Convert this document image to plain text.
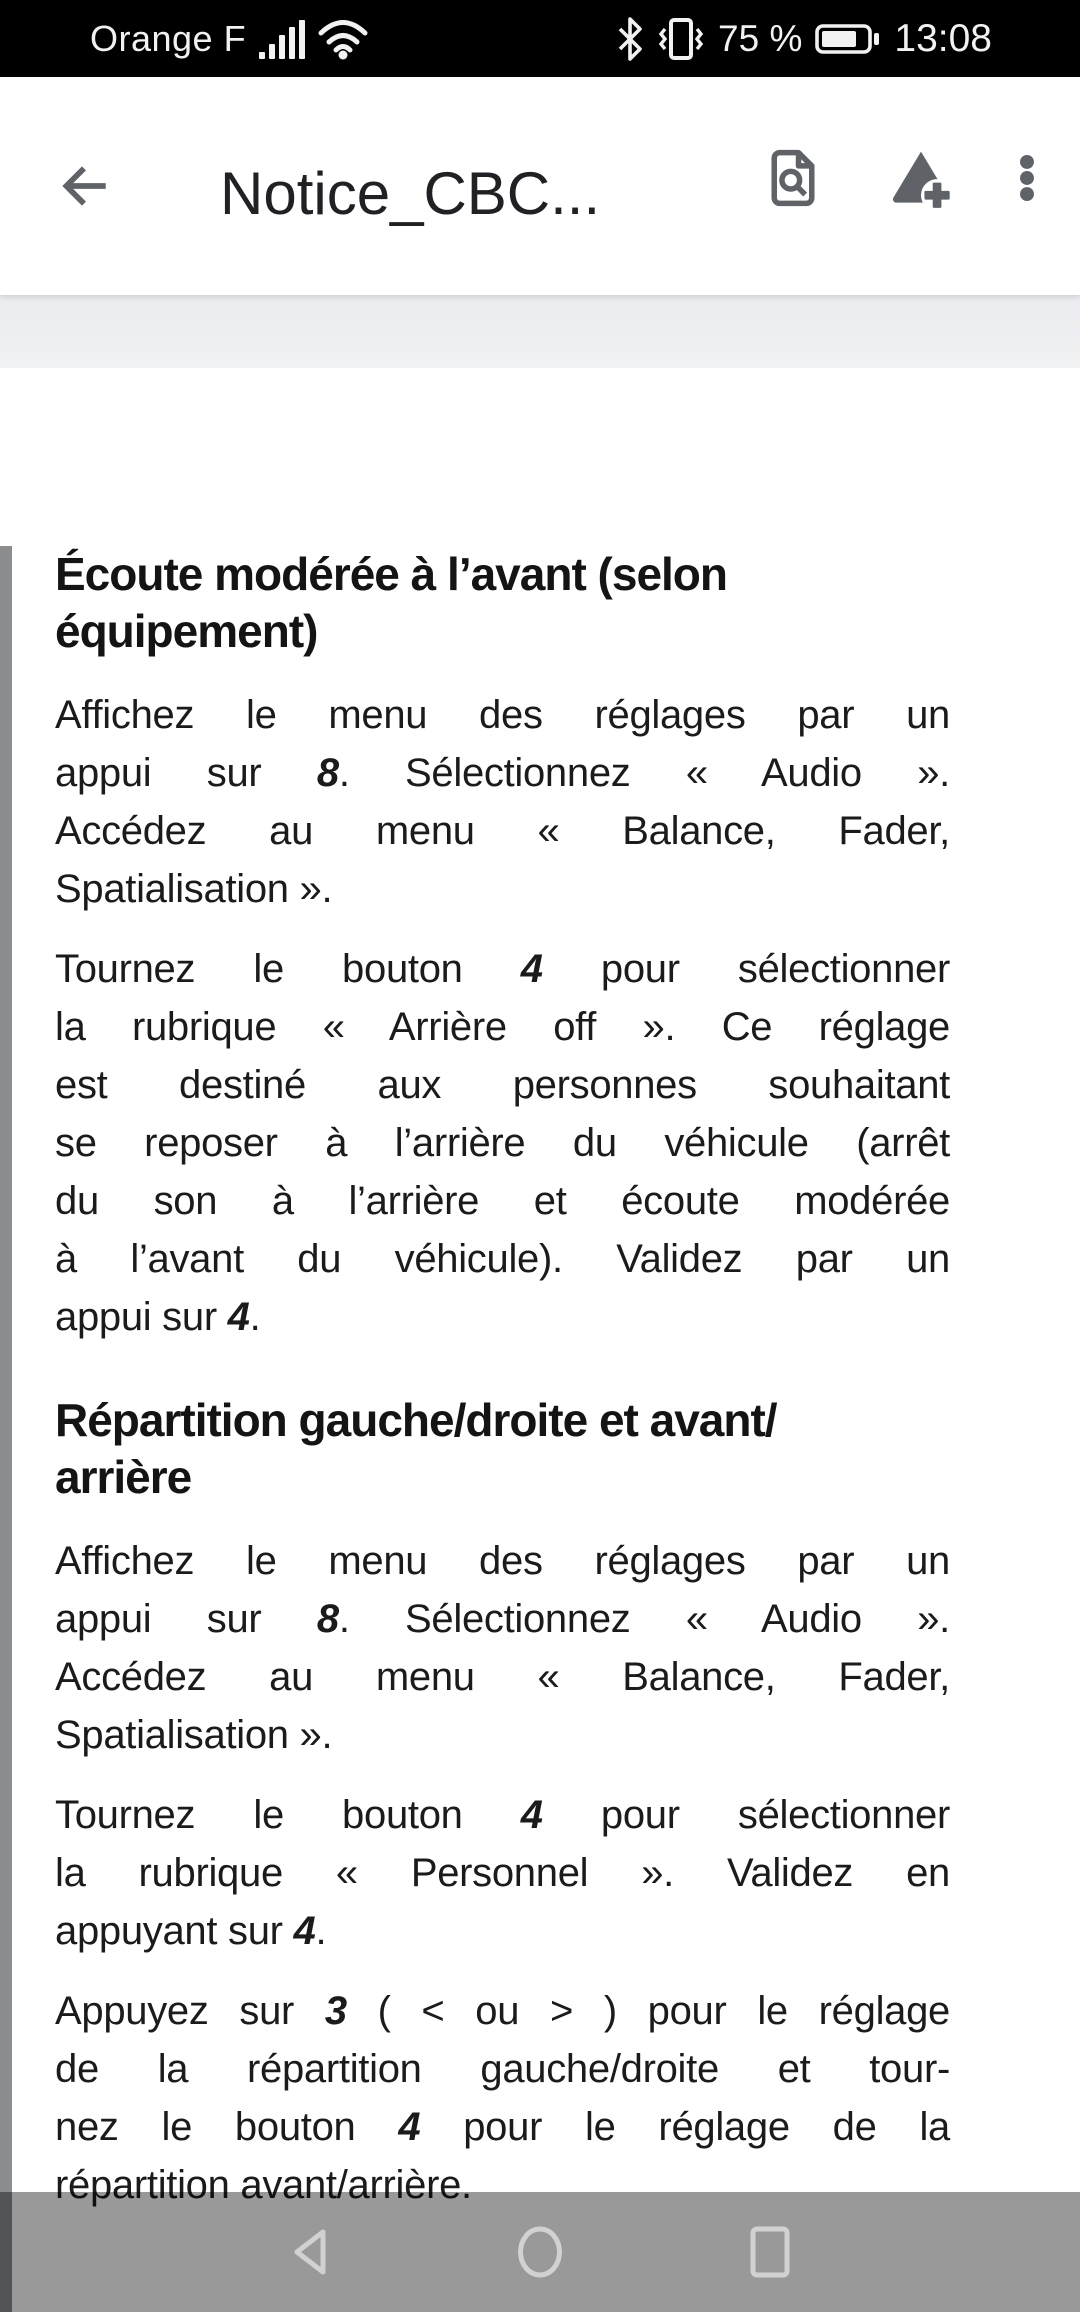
Orange F	75 % 13:08
Notice_CBC...
Écoute modérée à l’avant (selon
équipement)
Affichez le menu des réglages par un
appui sur 8. Sélectionnez « Audio ».
Accédez au menu « Balance, Fader,
Spatialisation ».
Tournez le bouton 4 pour sélectionner
la rubrique « Arrière off ». Ce réglage
est destiné aux personnes souhaitant
se reposer à l’arrière du véhicule (arrêt
du son à l’arrière et écoute modérée
à l’avant du véhicule). Validez par un
appui sur 4.
Répartition gauche/droite et avant/
arrière
Affichez le menu des réglages par un
appui sur 8. Sélectionnez « Audio ».
Accédez au menu « Balance, Fader,
Spatialisation ».
Tournez le bouton 4 pour sélectionner
la rubrique « Personnel ». Validez en
appuyant sur 4.
Appuyez sur 3 ( < ou > ) pour le réglage
de la répartition gauche/droite et tour-
nez le bouton 4 pour le réglage de la
répartition avant/arrière.
